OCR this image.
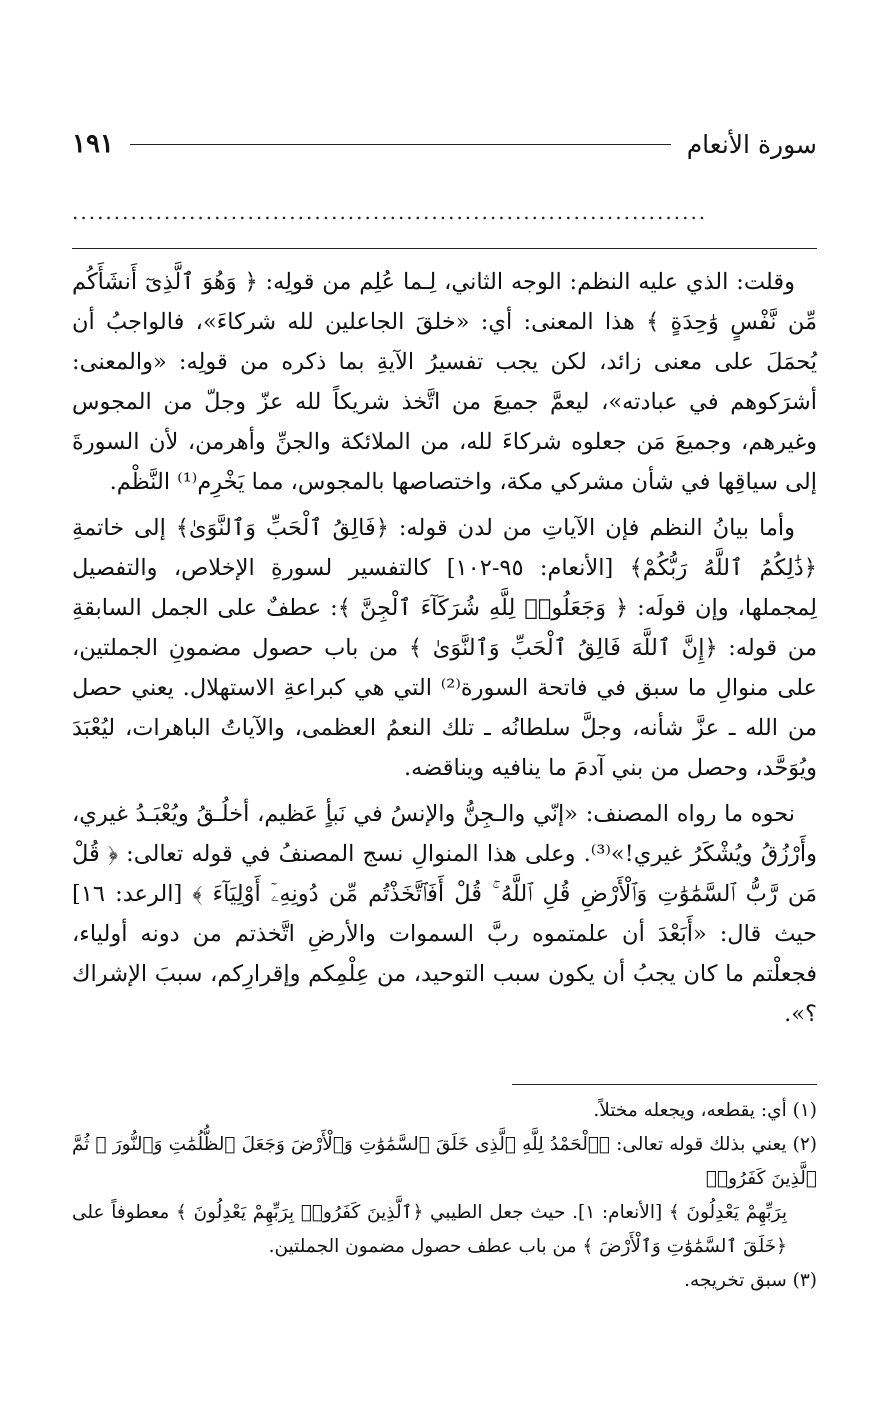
سورة الأنعام
١٩١
............................................................................

وقلت: الذي عليه النظم: الوجه الثاني، لِـما عُلِم من قولِه: ﴿ وَهُوَ ٱلَّذِىٓ أَنشَأَكُم مِّن نَّفْسٍ وَٰحِدَةٍ ﴾ هذا المعنى: أي: «خلقَ الجاعلين لله شركاءَ»، فالواجبُ أن يُحمَلَ على معنى زائد، لكن يجب تفسيرُ الآيةِ بما ذكره من قولِه: «والمعنى: أشرَكوهم في عبادته»، ليعمَّ جميعَ من اتَّخذ شريكاً لله عزّ وجلّ من المجوس وغيرهم، وجميعَ مَن جعلوه شركاءَ لله، من الملائكة والجنِّ وأهرمن، لأن السورةَ إلى سياقِها في شأن مشركي مكة، واختصاصها بالمجوس، مما يَخْرِم⁽¹⁾ النَّظْم.

وأما بيانُ النظم فإن الآياتِ من لدن قوله: ﴿فَالِقُ ٱلْحَبِّ وَٱلنَّوَىٰ﴾ إلى خاتمةِ ﴿ذَٰلِكُمُ ٱللَّهُ رَبُّكُمْ﴾ [الأنعام: ٩٥-١٠٢] كالتفسير لسورةِ الإخلاص، والتفصيل لِمجملها، وإن قولَه: ﴿ وَجَعَلُوا۟ لِلَّهِ شُرَكَآءَ ٱلْجِنَّ ﴾: عطفٌ على الجمل السابقةِ من قوله: ﴿إِنَّ ٱللَّهَ فَالِقُ ٱلْحَبِّ وَٱلنَّوَىٰ ﴾ من باب حصول مضمونِ الجملتين، على منوالِ ما سبق في فاتحة السورة⁽²⁾ التي هي كبراعةِ الاستهلال. يعني حصل من الله ـ عزَّ شأنه، وجلَّ سلطانُه ـ تلك النعمُ العظمى، والآياتُ الباهرات، ليُعْبَدَ ويُوَحَّد، وحصل من بني آدمَ ما ينافيه ويناقضه.

نحوه ما رواه المصنف: «إنّي والـجِنُّ والإنسُ في نَبأٍ عَظيم، أخلُـقُ ويُعْبَـدُ غيري، وأَرْزُقُ ويُشْكَرُ غيري!»⁽³⁾. وعلى هذا المنوالِ نسج المصنفُ في قوله تعالى: ﴿ قُلْ مَن رَّبُّ ٱلسَّمَٰوَٰتِ وَٱلْأَرْضِ قُلِ ٱللَّهُ ۚ قُلْ أَفَٱتَّخَذْتُم مِّن دُونِهِۦٓ أَوْلِيَآءَ ﴾ [الرعد: ١٦] حيث قال: «أَبَعْدَ أن علمتموه ربَّ السموات والأرضِ اتَّخذتم من دونه أولياء، فجعلْتم ما كان يجبُ أن يكون سبب التوحيد، من عِلْمِكم وإقرارِكم، سببَ الإشراك ؟».

(١) أي: يقطعه، ويجعله مختلاً.

(٢) يعني بذلك قوله تعالى: ﴿ٱلْحَمْدُ لِلَّهِ ٱلَّذِى خَلَقَ ٱلسَّمَٰوَٰتِ وَٱلْأَرْضَ وَجَعَلَ ٱلظُّلُمَٰتِ وَٱلنُّورَ ۖ ثُمَّ ٱلَّذِينَ كَفَرُوا۟

بِرَبِّهِمْ يَعْدِلُونَ ﴾ [الأنعام: ١]. حيث جعل الطيبي ﴿ٱلَّذِينَ كَفَرُوا۟ بِرَبِّهِمْ يَعْدِلُونَ ﴾ معطوفاً على ﴿خَلَقَ ٱلسَّمَٰوَٰتِ وَٱلْأَرْضَ ﴾ من باب عطف حصول مضمون الجملتين.

(٣) سبق تخريجه.
